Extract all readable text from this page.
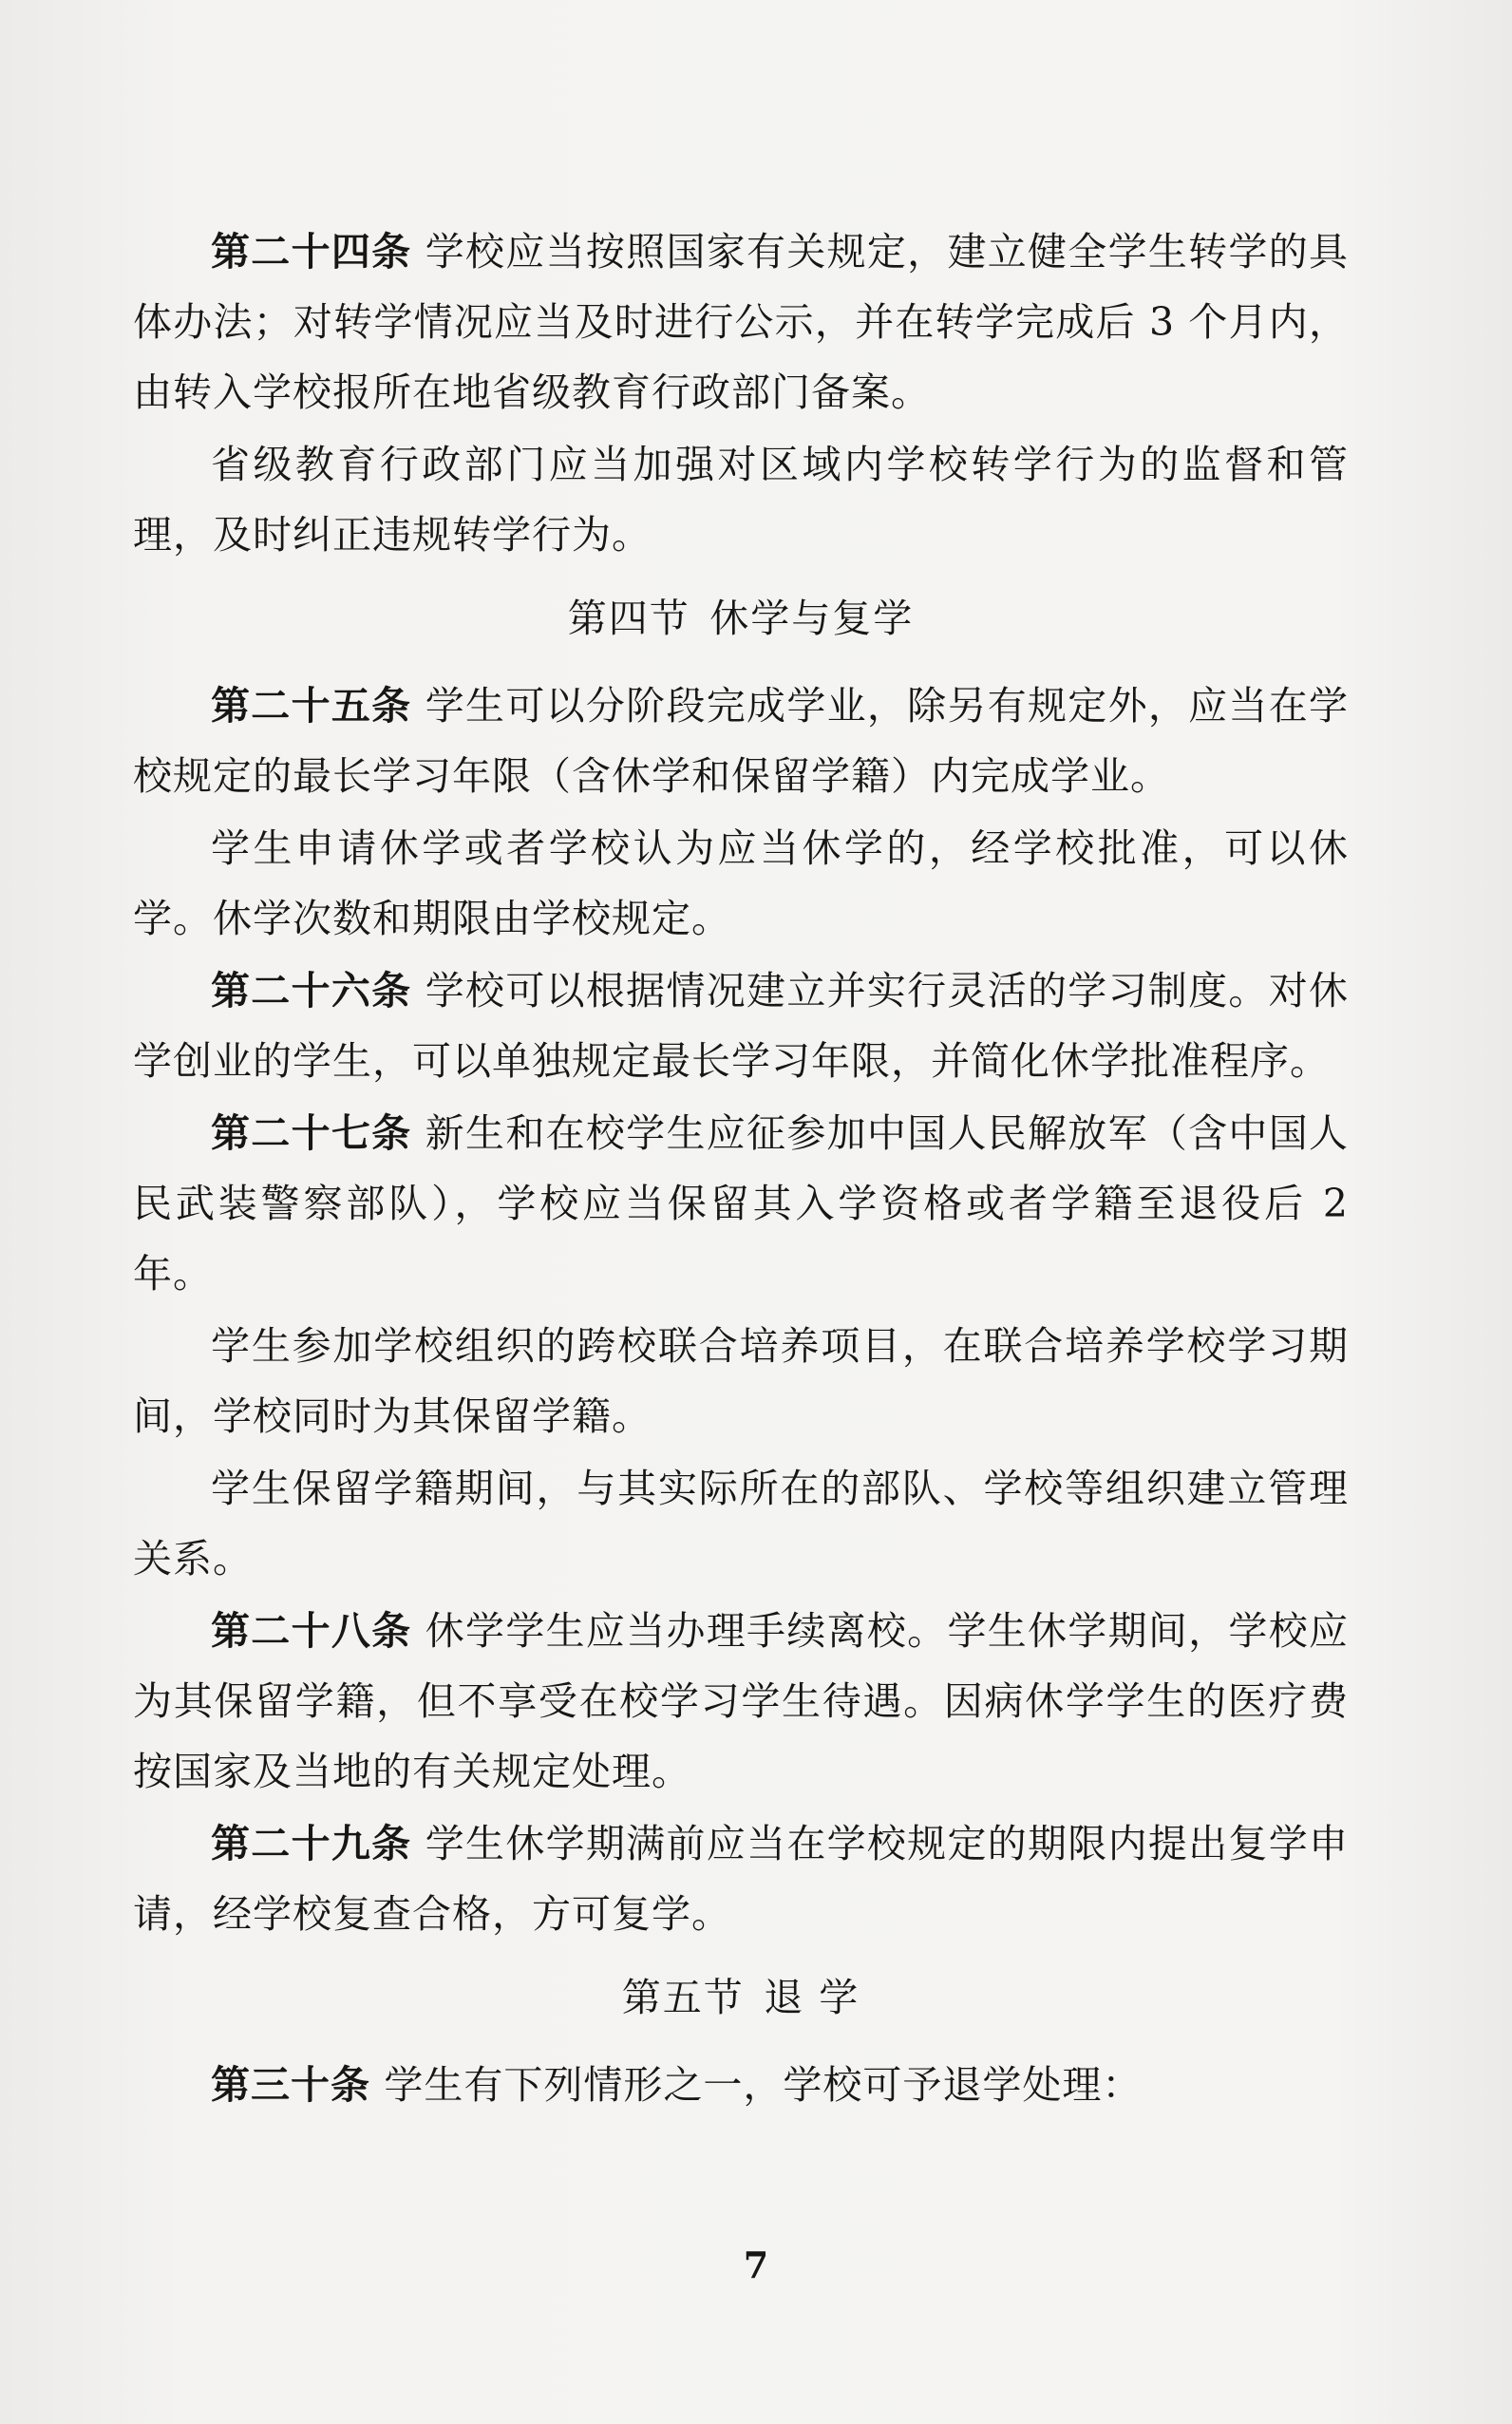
第二十四条 学校应当按照国家有关规定，建立健全学生转学的具体办法；对转学情况应当及时进行公示，并在转学完成后 3 个月内，由转入学校报所在地省级教育行政部门备案。

省级教育行政部门应当加强对区域内学校转学行为的监督和管理，及时纠正违规转学行为。

第四节 休学与复学

第二十五条 学生可以分阶段完成学业，除另有规定外，应当在学校规定的最长学习年限（含休学和保留学籍）内完成学业。

学生申请休学或者学校认为应当休学的，经学校批准，可以休学。休学次数和期限由学校规定。

第二十六条 学校可以根据情况建立并实行灵活的学习制度。对休学创业的学生，可以单独规定最长学习年限，并简化休学批准程序。

第二十七条 新生和在校学生应征参加中国人民解放军（含中国人民武装警察部队），学校应当保留其入学资格或者学籍至退役后 2 年。

学生参加学校组织的跨校联合培养项目，在联合培养学校学习期间，学校同时为其保留学籍。

学生保留学籍期间，与其实际所在的部队、学校等组织建立管理关系。

第二十八条 休学学生应当办理手续离校。学生休学期间，学校应为其保留学籍，但不享受在校学习学生待遇。因病休学学生的医疗费按国家及当地的有关规定处理。

第二十九条 学生休学期满前应当在学校规定的期限内提出复学申请，经学校复查合格，方可复学。

第五节 退 学

第三十条 学生有下列情形之一，学校可予退学处理：

7
